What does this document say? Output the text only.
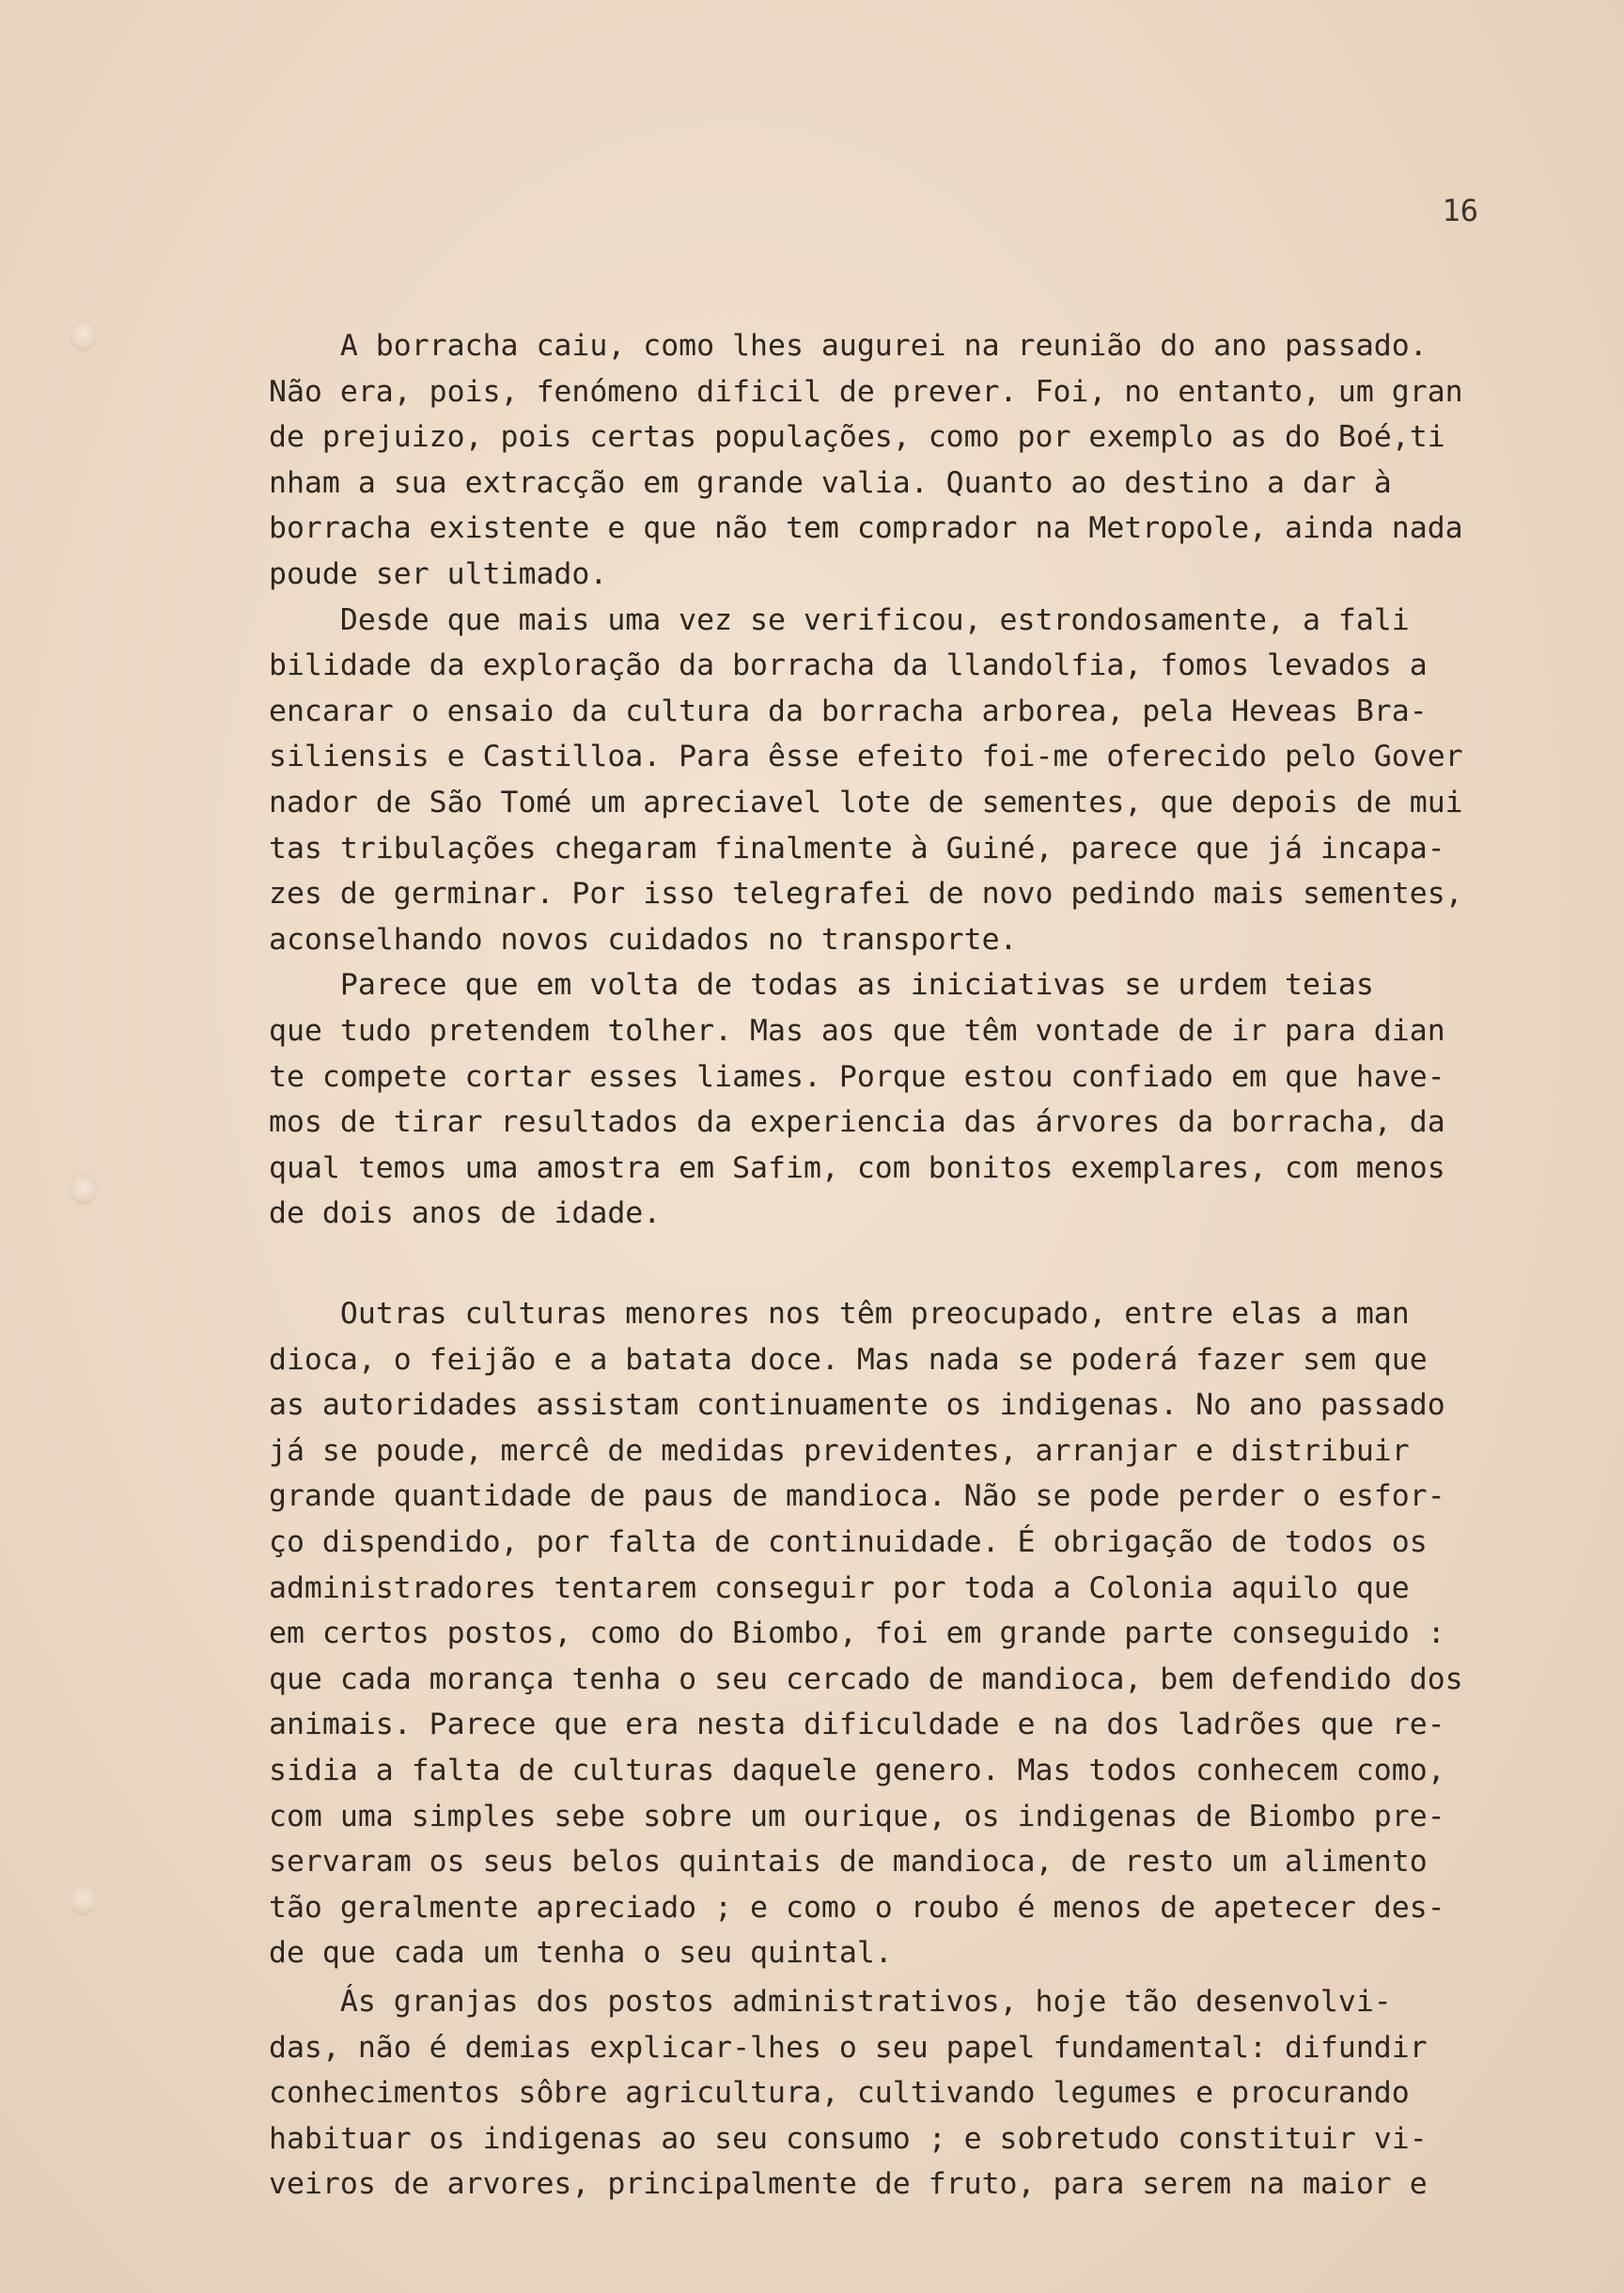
16
A borracha caiu, como lhes augurei na reunião do ano passado.
Não era, pois, fenómeno dificil de prever. Foi, no entanto, um gran
de prejuizo, pois certas populações, como por exemplo as do Boé,ti
nham a sua extracção em grande valia. Quanto ao destino a dar à
borracha existente e que não tem comprador na Metropole, ainda nada
poude ser ultimado.
Desde que mais uma vez se verificou, estrondosamente, a fali
bilidade da exploração da borracha da llandolfia, fomos levados a
encarar o ensaio da cultura da borracha arborea, pela Heveas Bra-
siliensis e Castilloa. Para êsse efeito foi-me oferecido pelo Gover
nador de São Tomé um apreciavel lote de sementes, que depois de mui
tas tribulações chegaram finalmente à Guiné, parece que já incapa-
zes de germinar. Por isso telegrafei de novo pedindo mais sementes,
aconselhando novos cuidados no transporte.
Parece que em volta de todas as iniciativas se urdem teias
que tudo pretendem tolher. Mas aos que têm vontade de ir para dian
te compete cortar esses liames. Porque estou confiado em que have-
mos de tirar resultados da experiencia das árvores da borracha, da
qual temos uma amostra em Safim, com bonitos exemplares, com menos
de dois anos de idade.
Outras culturas menores nos têm preocupado, entre elas a man
dioca, o feijão e a batata doce. Mas nada se poderá fazer sem que
as autoridades assistam continuamente os indigenas. No ano passado
já se poude, mercê de medidas previdentes, arranjar e distribuir
grande quantidade de paus de mandioca. Não se pode perder o esfor-
ço dispendido, por falta de continuidade. É obrigação de todos os
administradores tentarem conseguir por toda a Colonia aquilo que
em certos postos, como do Biombo, foi em grande parte conseguido :
que cada morança tenha o seu cercado de mandioca, bem defendido dos
animais. Parece que era nesta dificuldade e na dos ladrões que re-
sidia a falta de culturas daquele genero. Mas todos conhecem como,
com uma simples sebe sobre um ourique, os indigenas de Biombo pre-
servaram os seus belos quintais de mandioca, de resto um alimento
tão geralmente apreciado ; e como o roubo é menos de apetecer des-
de que cada um tenha o seu quintal.
Ás granjas dos postos administrativos, hoje tão desenvolvi-
das, não é demias explicar-lhes o seu papel fundamental: difundir
conhecimentos sôbre agricultura, cultivando legumes e procurando
habituar os indigenas ao seu consumo ; e sobretudo constituir vi-
veiros de arvores, principalmente de fruto, para serem na maior e
